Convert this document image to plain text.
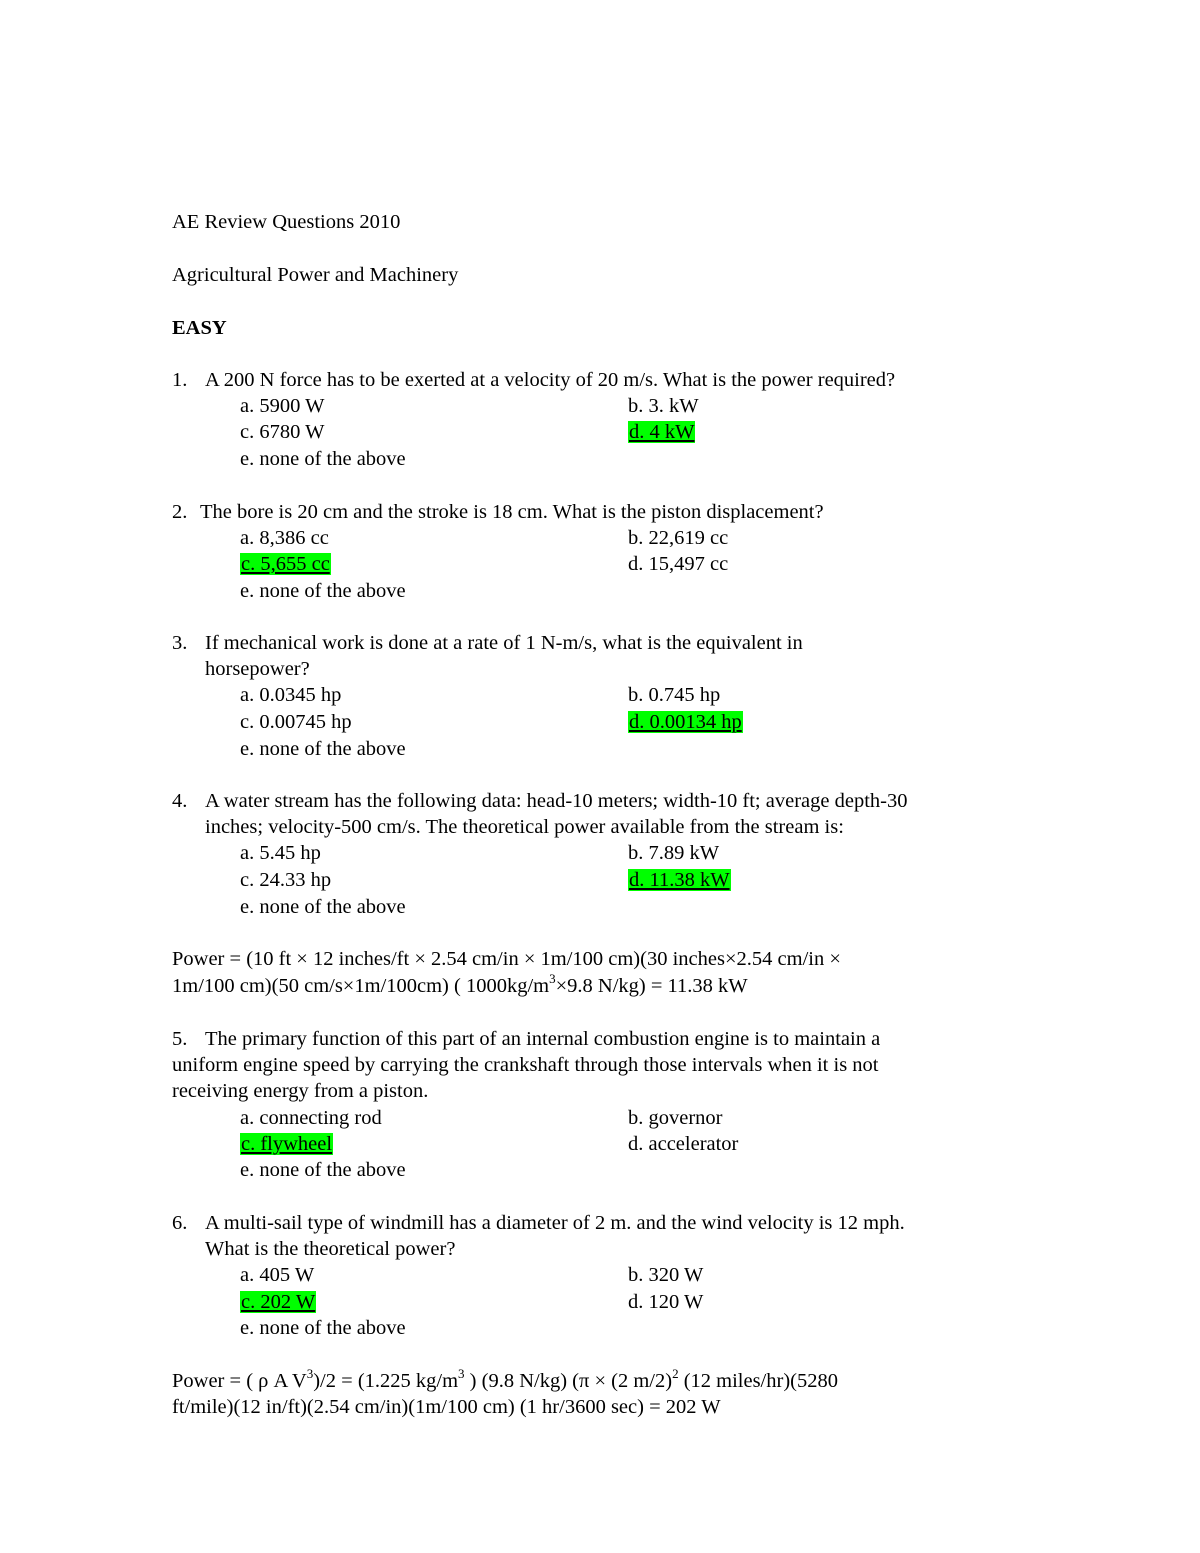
AE Review Questions 2010
Agricultural Power and Machinery
EASY
1. A 200 N force has to be exerted at a velocity of 20 m/s. What is the power required?
a. 5900 W	b. 3. kW
c. 6780 W	d. 4 kW
e. none of the above
2. The bore is 20 cm and the stroke is 18 cm. What is the piston displacement?
a. 8,386 cc	b. 22,619 cc
c. 5,655 cc	d. 15,497 cc
e. none of the above
3. If mechanical work is done at a rate of 1 N-m/s, what is the equivalent in
horsepower?
a. 0.0345 hp	b. 0.745 hp
c. 0.00745 hp	d. 0.00134 hp
e. none of the above
4. A water stream has the following data: head-10 meters; width-10 ft; average depth-30
inches; velocity-500 cm/s. The theoretical power available from the stream is:
a. 5.45 hp	b. 7.89 kW
c. 24.33 hp	d. 11.38 kW
e. none of the above
Power = (10 ft × 12 inches/ft × 2.54 cm/in × 1m/100 cm)(30 inches×2.54 cm/in ×
1m/100 cm)(50 cm/s×1m/100cm) ( $1000kg/m^3\times 9.8$ N/kg) = 11.38 kW
5. The primary function of this part of an internal combustion engine is to maintain a
uniform engine speed by carrying the crankshaft through those intervals when it is not
receiving energy from a piston.
a. connecting rod	b. governor
c. flywheel	d. accelerator
e. none of the above
6. A multi-sail type of windmill has a diameter of 2 m. and the wind velocity is 12 mph.
What is the theoretical power?
a. 405 W	b. 320 W
c. 202 W	d. 120 W
e. none of the above
Power = ( ρ A $V^3)/2 = (1.225$ $kg/m^3$ ) (9.8 N/kg) (π × (2 m/2)$^2$ (12 miles/hr)(5280
ft/mile)(12 in/ft)(2.54 cm/in)(1m/100 cm) (1 hr/3600 sec) = 202 W
